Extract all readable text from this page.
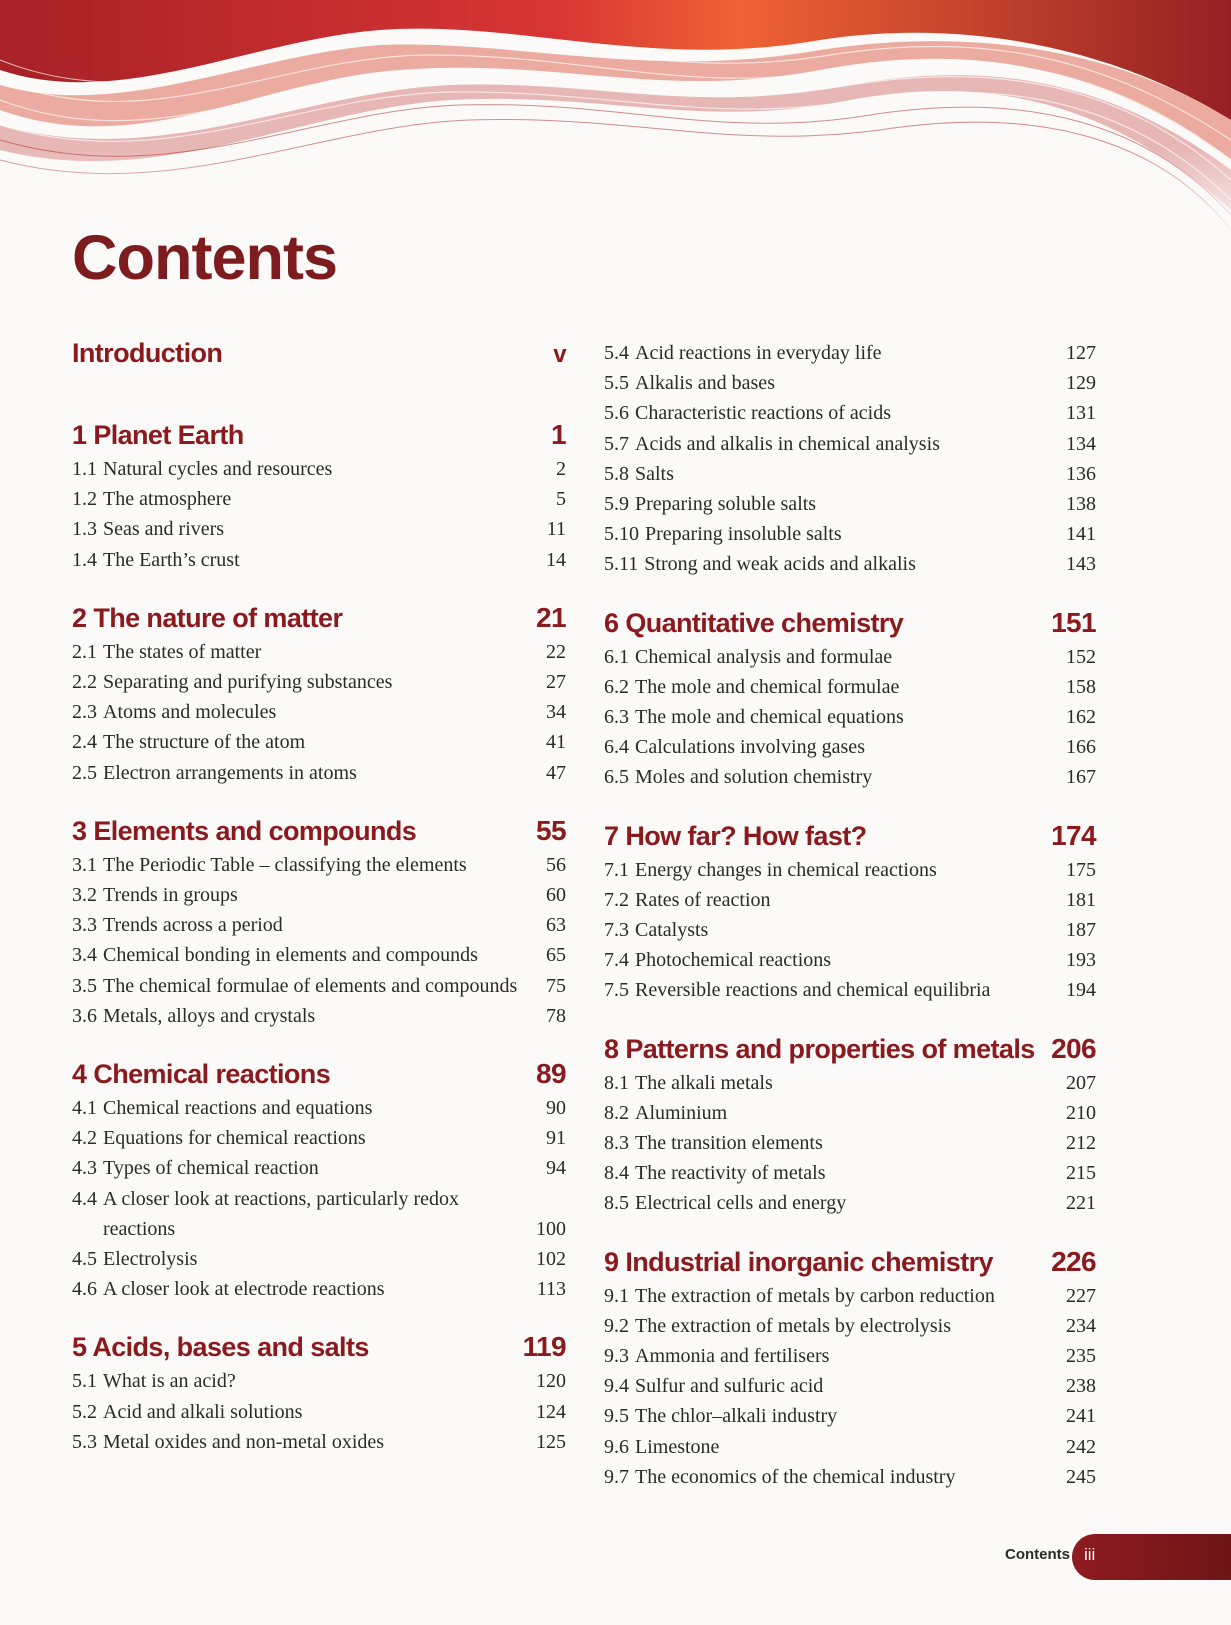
Contents
Introduction	v
1 Planet Earth	1
1.1 Natural cycles and resources	2
1.2 The atmosphere	5
1.3 Seas and rivers	11
1.4 The Earth’s crust	14
2 The nature of matter	21
2.1 The states of matter	22
2.2 Separating and purifying substances	27
2.3 Atoms and molecules	34
2.4 The structure of the atom	41
2.5 Electron arrangements in atoms	47
3 Elements and compounds	55
3.1 The Periodic Table – classifying the elements	56
3.2 Trends in groups	60
3.3 Trends across a period	63
3.4 Chemical bonding in elements and compounds	65
3.5 The chemical formulae of elements and compounds	75
3.6 Metals, alloys and crystals	78
4 Chemical reactions	89
4.1 Chemical reactions and equations	90
4.2 Equations for chemical reactions	91
4.3 Types of chemical reaction	94
4.4 A closer look at reactions, particularly redox reactions	100
4.5 Electrolysis	102
4.6 A closer look at electrode reactions	113
5 Acids, bases and salts	119
5.1 What is an acid?	120
5.2 Acid and alkali solutions	124
5.3 Metal oxides and non-metal oxides	125
5.4 Acid reactions in everyday life	127
5.5 Alkalis and bases	129
5.6 Characteristic reactions of acids	131
5.7 Acids and alkalis in chemical analysis	134
5.8 Salts	136
5.9 Preparing soluble salts	138
5.10 Preparing insoluble salts	141
5.11 Strong and weak acids and alkalis	143
6 Quantitative chemistry	151
6.1 Chemical analysis and formulae	152
6.2 The mole and chemical formulae	158
6.3 The mole and chemical equations	162
6.4 Calculations involving gases	166
6.5 Moles and solution chemistry	167
7 How far? How fast?	174
7.1 Energy changes in chemical reactions	175
7.2 Rates of reaction	181
7.3 Catalysts	187
7.4 Photochemical reactions	193
7.5 Reversible reactions and chemical equilibria	194
8 Patterns and properties of metals 206
8.1 The alkali metals	207
8.2 Aluminium	210
8.3 The transition elements	212
8.4 The reactivity of metals	215
8.5 Electrical cells and energy	221
9 Industrial inorganic chemistry 226
9.1 The extraction of metals by carbon reduction	227
9.2 The extraction of metals by electrolysis	234
9.3 Ammonia and fertilisers	235
9.4 Sulfur and sulfuric acid	238
9.5 The chlor–alkali industry	241
9.6 Limestone	242
9.7 The economics of the chemical industry	245
Contents iii
